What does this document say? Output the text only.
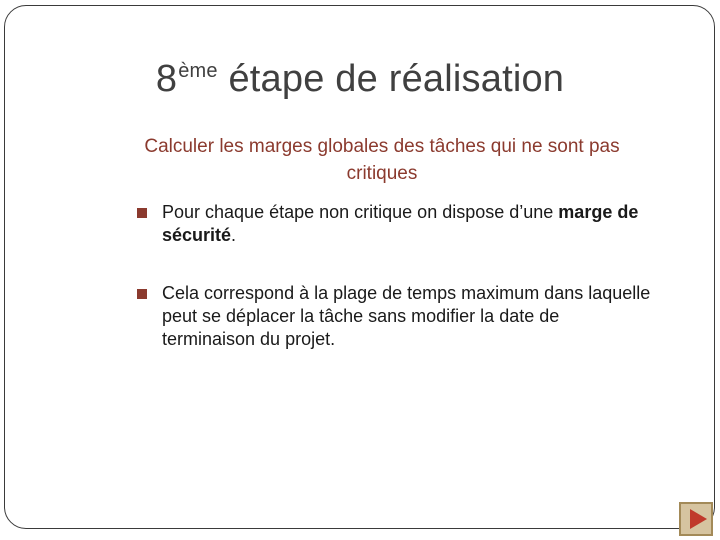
8ème étape de réalisation
Calculer les marges globales des tâches qui ne sont pas
critiques
Pour chaque étape non critique on dispose d’une marge de sécurité.
Cela correspond à la plage de temps maximum dans laquelle peut se déplacer la tâche sans modifier la date de terminaison du projet.
